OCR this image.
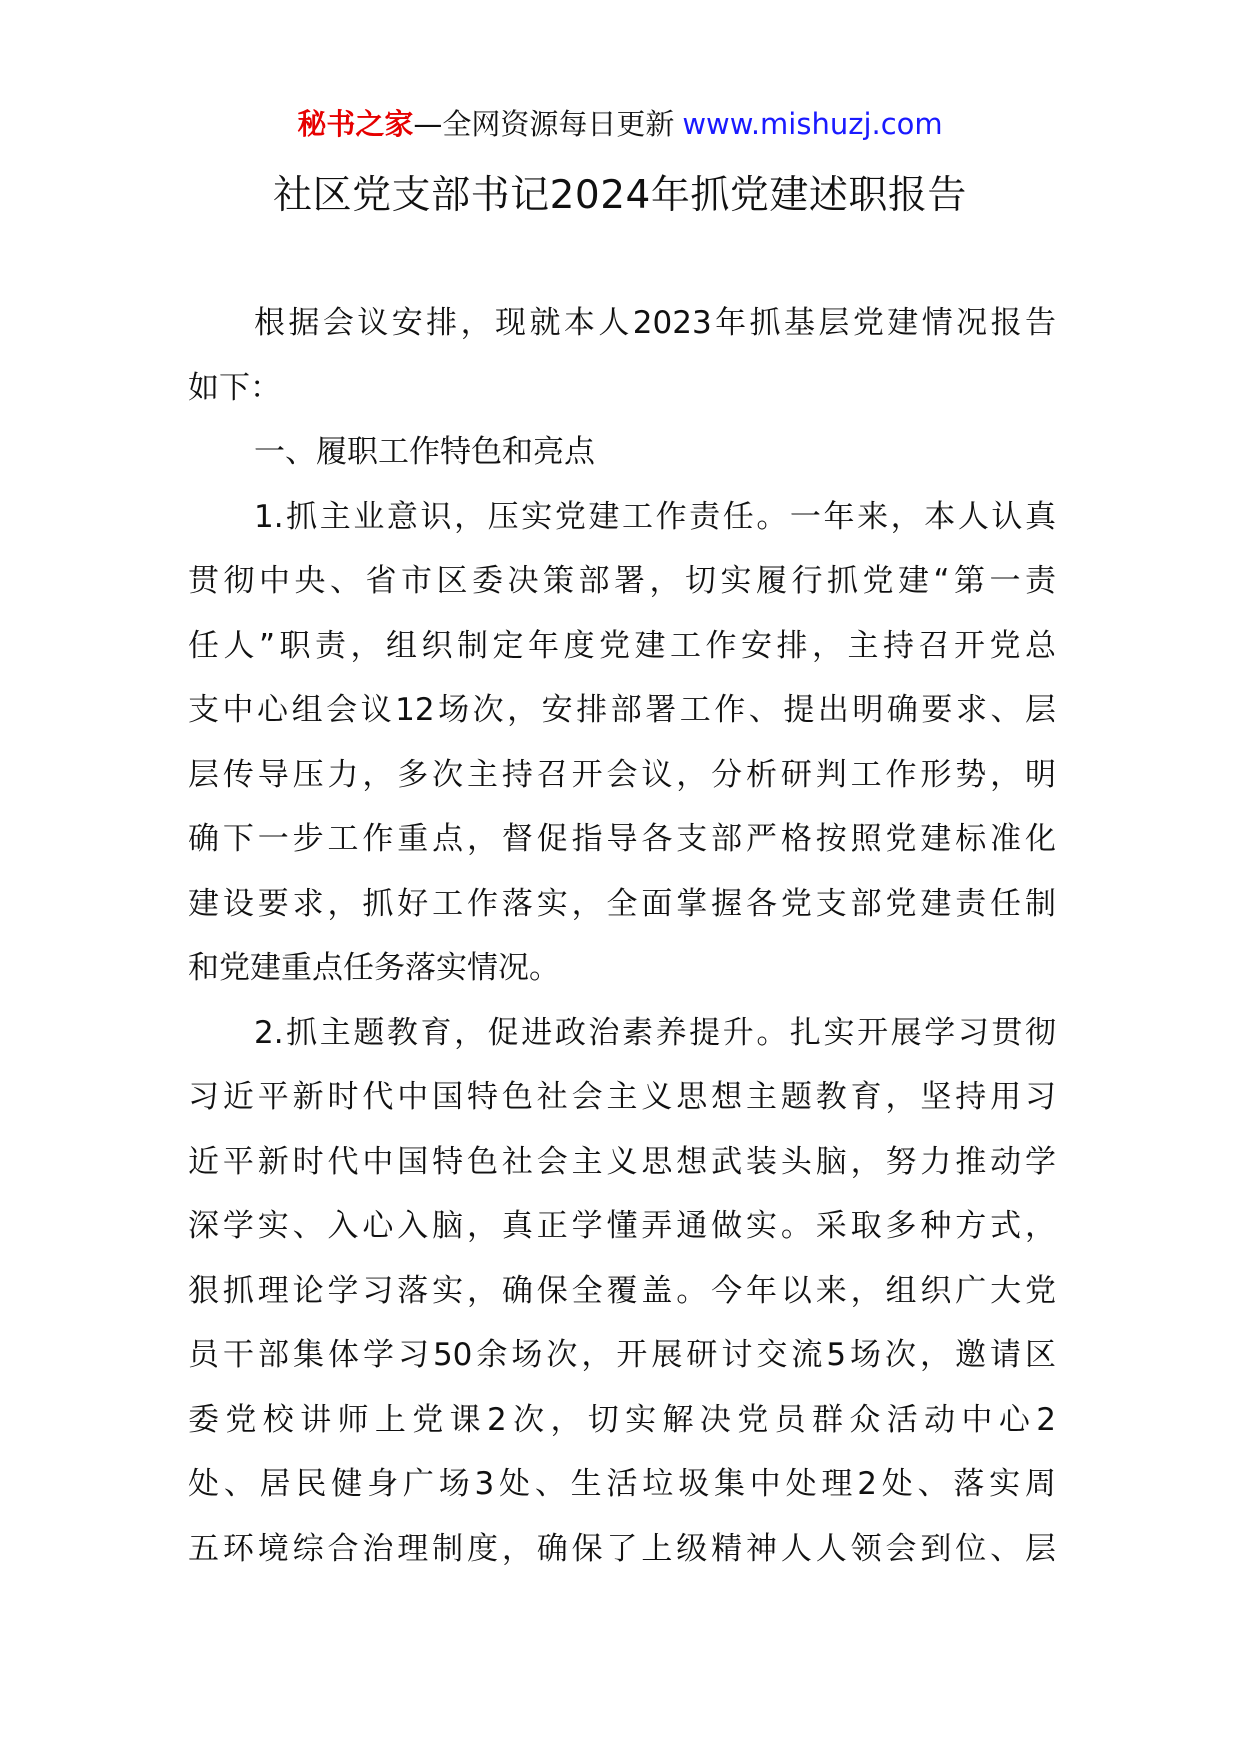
秘书之家—全网资源每日更新 www.mishuzj.com
社区党支部书记2024年抓党建述职报告
根据会议安排，现就本人2023年抓基层党建情况报告
如下：
一、履职工作特色和亮点
1.抓主业意识，压实党建工作责任。一年来，本人认真
贯彻中央、省市区委决策部署，切实履行抓党建“第一责
任人”职责，组织制定年度党建工作安排，主持召开党总
支中心组会议12场次，安排部署工作、提出明确要求、层
层传导压力，多次主持召开会议，分析研判工作形势，明
确下一步工作重点，督促指导各支部严格按照党建标准化
建设要求，抓好工作落实，全面掌握各党支部党建责任制
和党建重点任务落实情况。
2.抓主题教育，促进政治素养提升。扎实开展学习贯彻
习近平新时代中国特色社会主义思想主题教育，坚持用习
近平新时代中国特色社会主义思想武装头脑，努力推动学
深学实、入心入脑，真正学懂弄通做实。采取多种方式，
狠抓理论学习落实，确保全覆盖。今年以来，组织广大党
员干部集体学习50余场次，开展研讨交流5场次，邀请区
委党校讲师上党课2次，切实解决党员群众活动中心2
处、居民健身广场3处、生活垃圾集中处理2处、落实周
五环境综合治理制度，确保了上级精神人人领会到位、层
